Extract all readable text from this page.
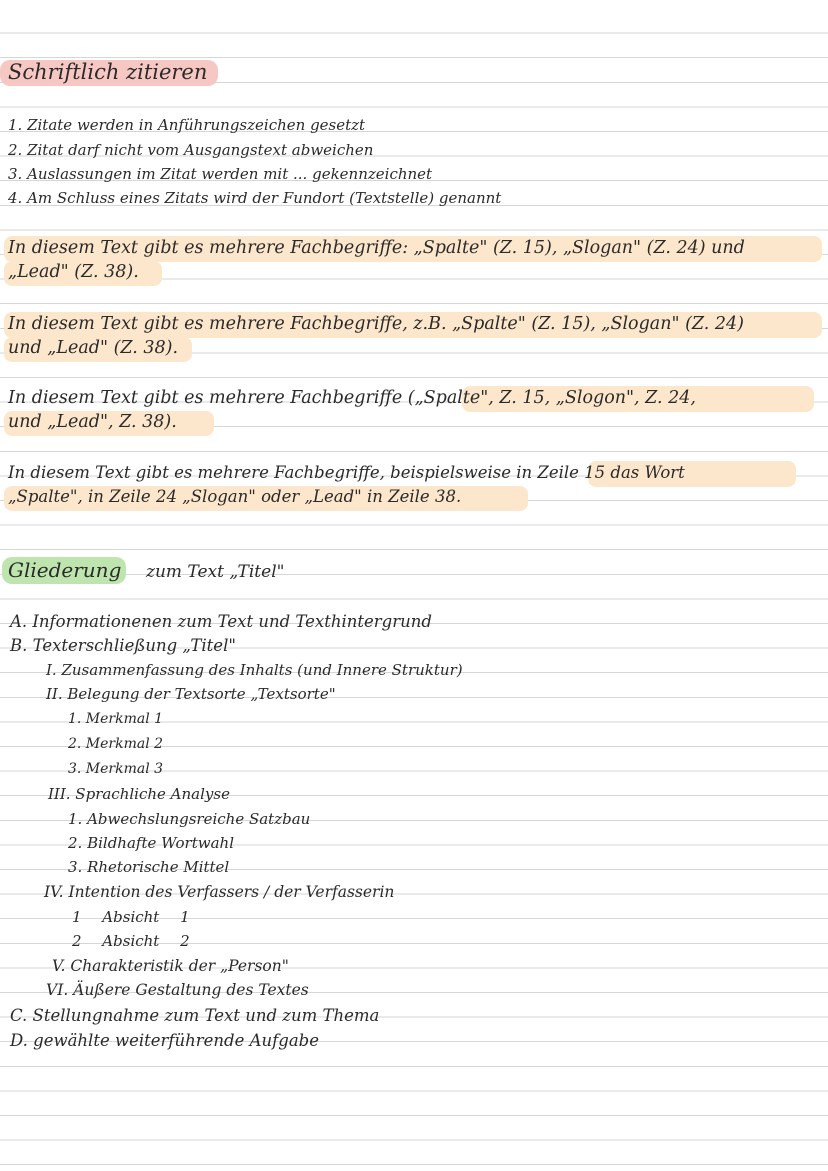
Schriftlich zitieren
1. Zitate werden in Anführungszeichen gesetzt
2. Zitat darf nicht vom Ausgangstext abweichen
3. Auslassungen im Zitat werden mit ... gekennzeichnet
4. Am Schluss eines Zitats wird der Fundort (Textstelle) genannt
In diesem Text gibt es mehrere Fachbegriffe: „Spalte" (Z. 15), „Slogan" (Z. 24) und
„Lead" (Z. 38).
In diesem Text gibt es mehrere Fachbegriffe, z.B. „Spalte" (Z. 15), „Slogan" (Z. 24)
und „Lead" (Z. 38).
In diesem Text gibt es mehrere Fachbegriffe („Spalte", Z. 15, „Slogon", Z. 24,
und „Lead", Z. 38).
In diesem Text gibt es mehrere Fachbegriffe, beispielsweise in Zeile 15 das Wort
„Spalte", in Zeile 24 „Slogan" oder „Lead" in Zeile 38.
Gliederung zum Text „Titel"
A. Informationenen zum Text und Texthintergrund
B. Texterschließung „Titel"
I. Zusammenfassung des Inhalts (und Innere Struktur)
II. Belegung der Textsorte „Textsorte"
1. Merkmal 1
2. Merkmal 2
3. Merkmal 3
III. Sprachliche Analyse
1. Abwechslungsreiche Satzbau
2. Bildhafte Wortwahl
3. Rhetorische Mittel
IV. Intention des Verfassers / der Verfasserin
1 Absicht 1
2 Absicht 2
V. Charakteristik der „Person"
VI. Äußere Gestaltung des Textes
C. Stellungnahme zum Text und zum Thema
D. gewählte weiterführende Aufgabe
